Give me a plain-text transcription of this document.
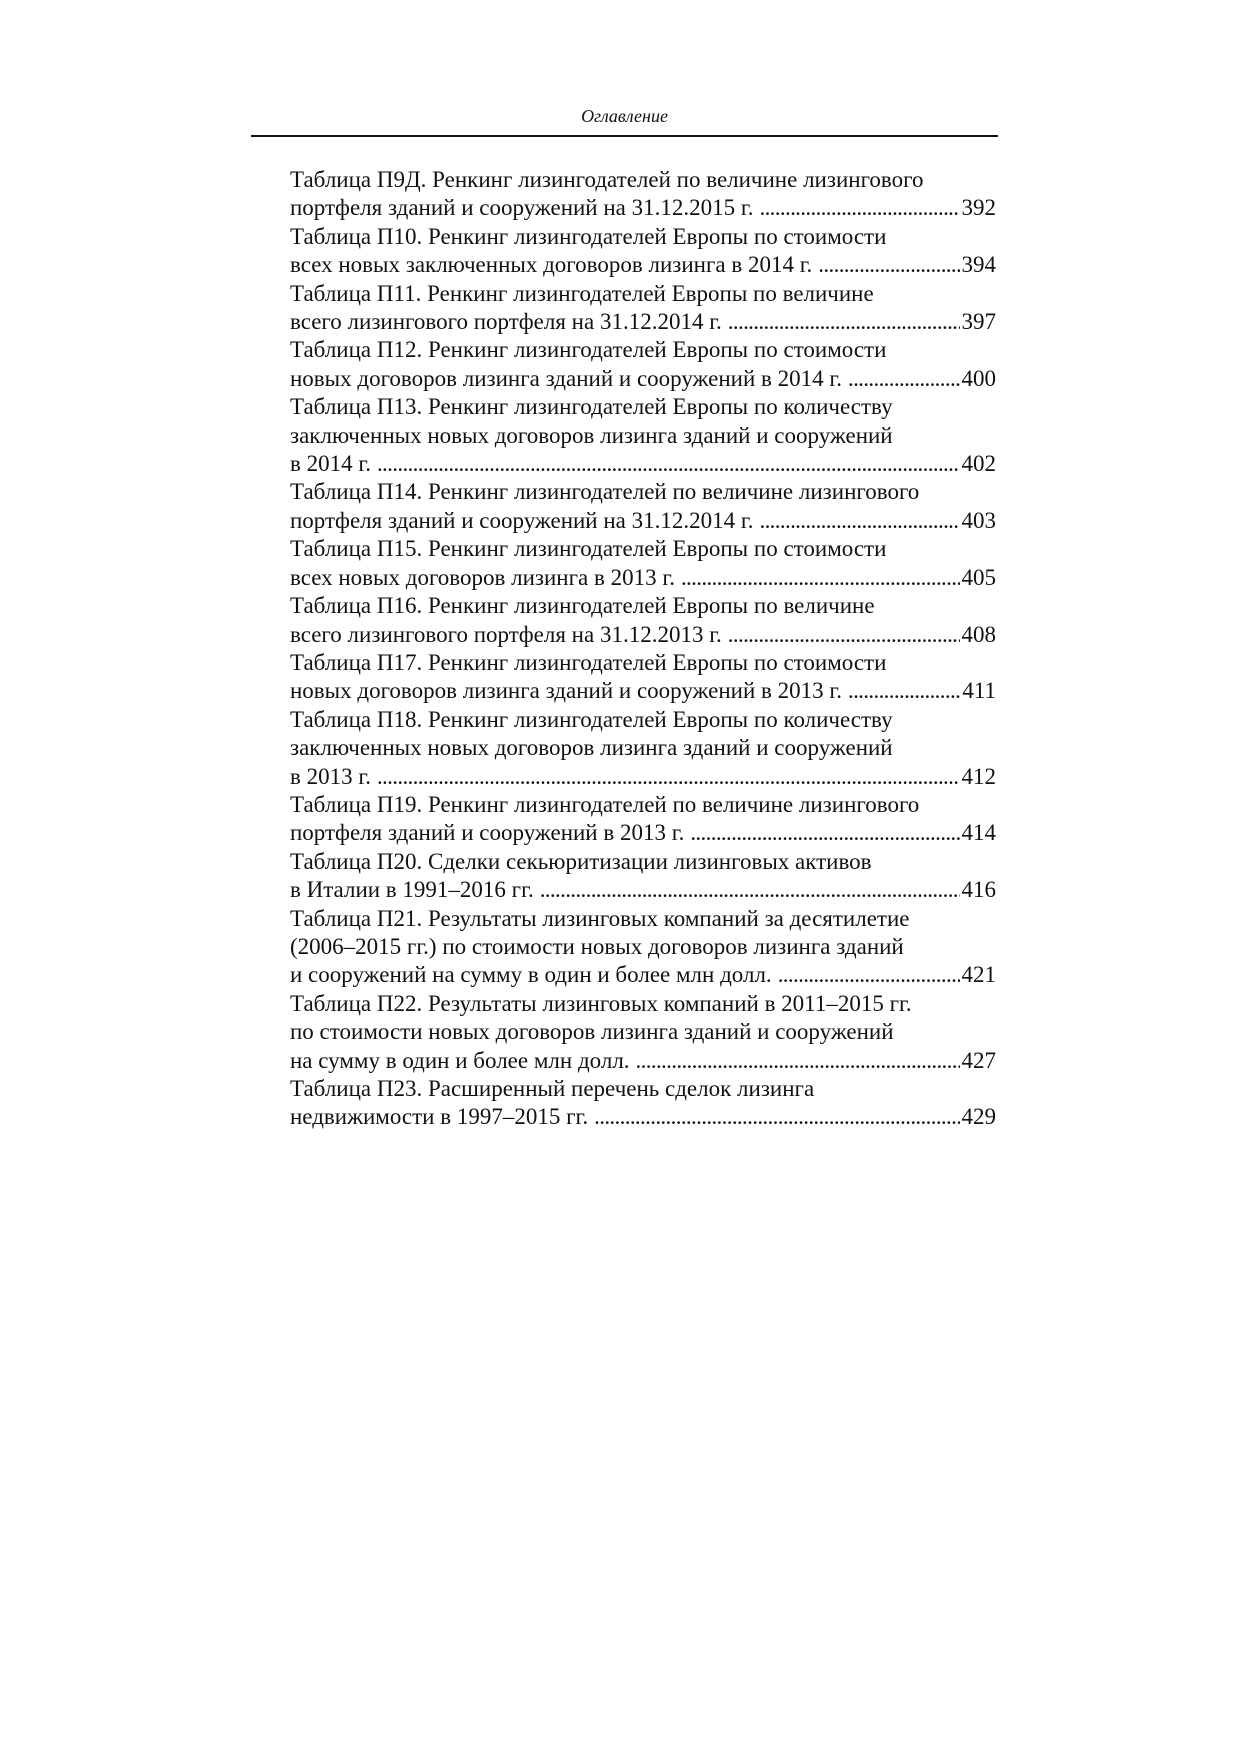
Оглавление
Таблица П9Д. Ренкинг лизингодателей по величине лизингового
портфеля зданий и сооружений на 31.12.2015 г. . . .	392
Таблица П10. Ренкинг лизингодателей Европы по стоимости
всех новых заключенных договоров лизинга в 2014 г. . . .	394
Таблица П11. Ренкинг лизингодателей Европы по величине
всего лизингового портфеля на 31.12.2014 г. . . .	397
Таблица П12. Ренкинг лизингодателей Европы по стоимости
новых договоров лизинга зданий и сооружений в 2014 г. . . .	400
Таблица П13. Ренкинг лизингодателей Европы по количеству
заключенных новых договоров лизинга зданий и сооружений
в 2014 г. . . .	402
Таблица П14. Ренкинг лизингодателей по величине лизингового
портфеля зданий и сооружений на 31.12.2014 г. . . .	403
Таблица П15. Ренкинг лизингодателей Европы по стоимости
всех новых договоров лизинга в 2013 г. . . .	405
Таблица П16. Ренкинг лизингодателей Европы по величине
всего лизингового портфеля на 31.12.2013 г. . . .	408
Таблица П17. Ренкинг лизингодателей Европы по стоимости
новых договоров лизинга зданий и сооружений в 2013 г. . . .	411
Таблица П18. Ренкинг лизингодателей Европы по количеству
заключенных новых договоров лизинга зданий и сооружений
в 2013 г. . . .	412
Таблица П19. Ренкинг лизингодателей по величине лизингового
портфеля зданий и сооружений в 2013 г. . . .	414
Таблица П20. Сделки секьюритизации лизинговых активов
в Италии в 1991–2016 гг. . . .	416
Таблица П21. Результаты лизинговых компаний за десятилетие
(2006–2015 гг.) по стоимости новых договоров лизинга зданий
и сооружений на сумму в один и более млн долл. . . .	421
Таблица П22. Результаты лизинговых компаний в 2011–2015 гг.
по стоимости новых договоров лизинга зданий и сооружений
на сумму в один и более млн долл. . . .	427
Таблица П23. Расширенный перечень сделок лизинга
недвижимости в 1997–2015 гг. . . .	429
